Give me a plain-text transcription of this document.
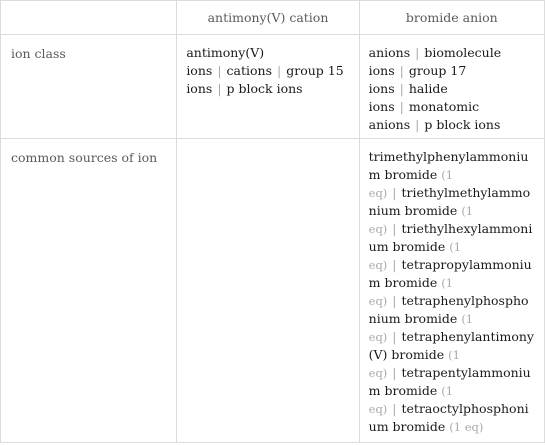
	antimony(V) cation	bromide anion
ion class	antimony(V) ions | cations | group 15 ions | p block ions	anions | biomolecule ions | group 17 ions | halide ions | monatomic anions | p block ions
common sources of ion		trimethylphenylammonium bromide (1 eq) | triethylmethylammonium bromide (1 eq) | triethylhexylammonium bromide (1 eq) | tetrapropylammonium bromide (1 eq) | tetraphenylphosphonium bromide (1 eq) | tetraphenylantimony(V) bromide (1 eq) | tetrapentylammonium bromide (1 eq) | tetraoctylphosphonium bromide (1 eq)
